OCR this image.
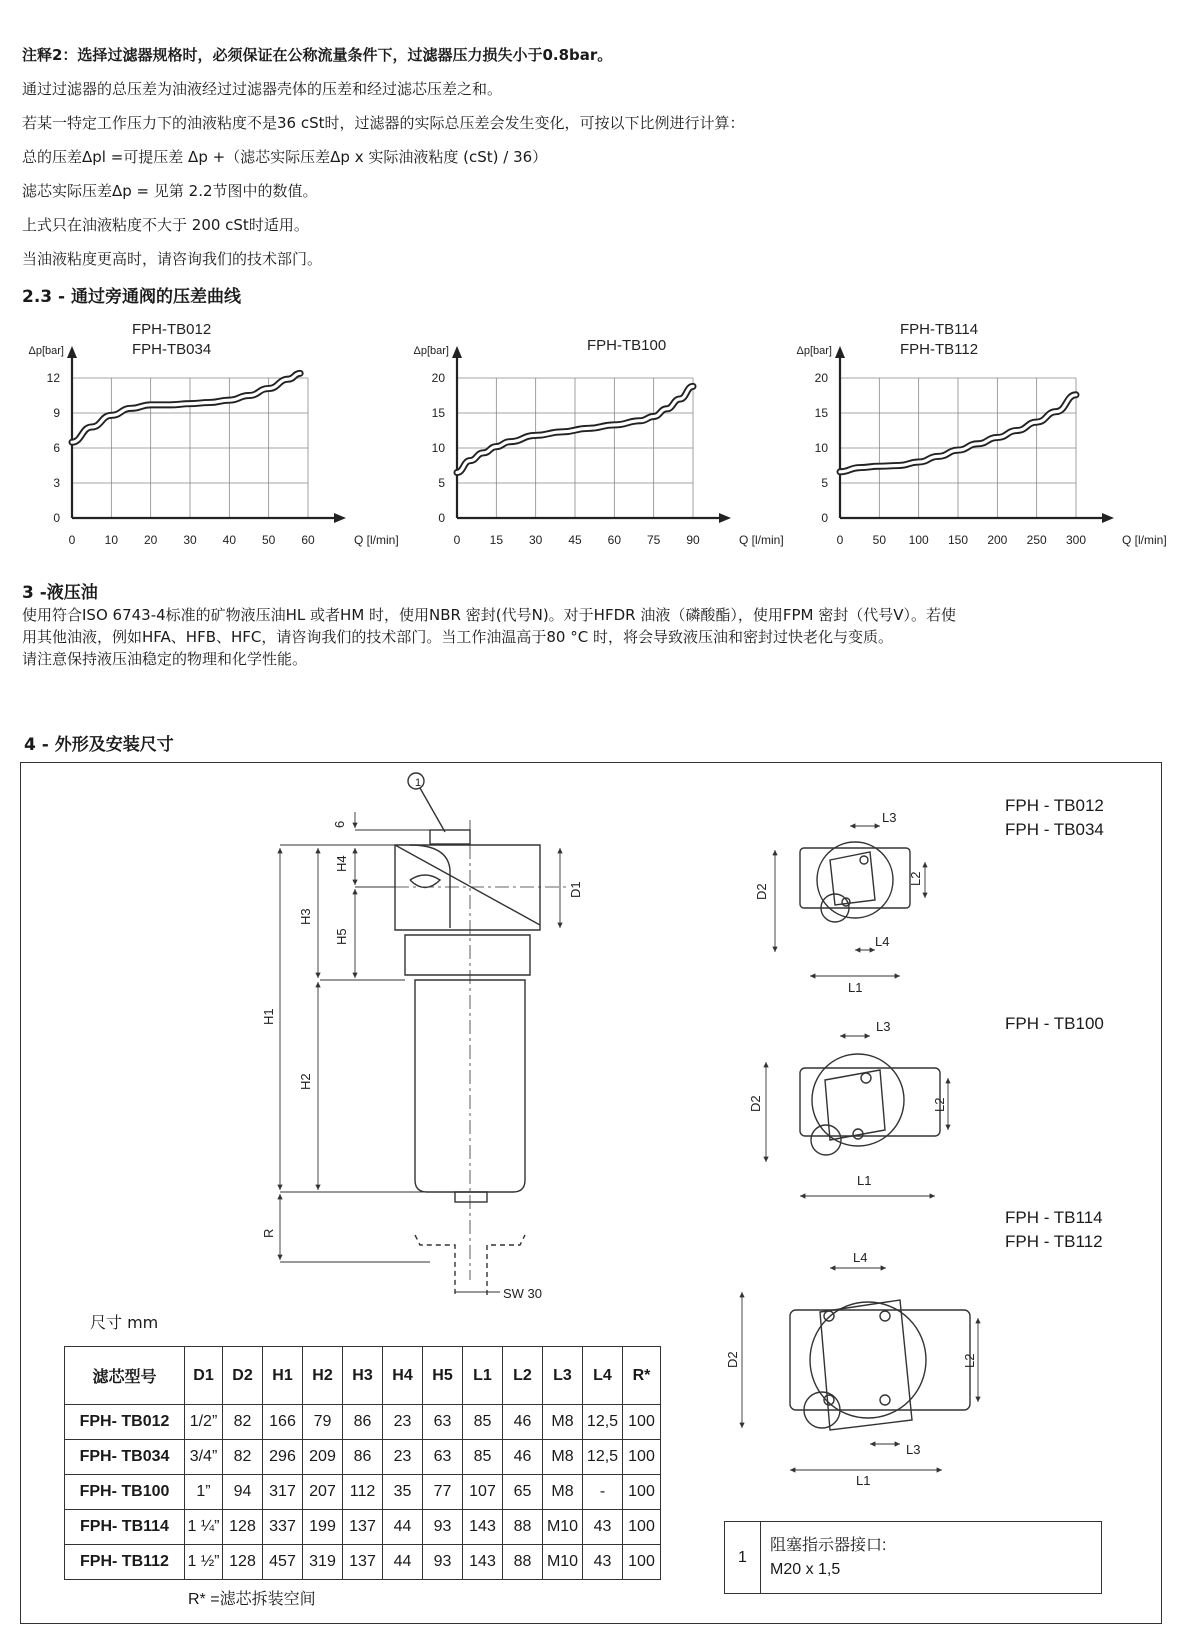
注释2：选择过滤器规格时，必须保证在公称流量条件下，过滤器压力损失小于0.8bar。
通过过滤器的总压差为油液经过过滤器壳体的压差和经过滤芯压差之和。
若某一特定工作压力下的油液粘度不是36 cSt时，过滤器的实际总压差会发生变化，可按以下比例进行计算：
总的压差Δpl =可提压差 Δp +（滤芯实际压差Δp x 实际油液粘度 (cSt) / 36）
滤芯实际压差Δp = 见第 2.2节图中的数值。
上式只在油液粘度不大于 200 cSt时适用。
当油液粘度更高时，请咨询我们的技术部门。
2.3 - 通过旁通阀的压差曲线
0 10 20 30 40 50 60
0
3
6
9
12
Δp[bar]
Q [l/min]
FPH-TB012
FPH-TB034
0 15 30 45 60 75 90
0
5
10
15
20
Δp[bar]
Q [l/min]
FPH-TB100
0 50 100 150 200 250 300
0
5
10
15
20
Δp[bar]
Q [l/min]
FPH-TB114
FPH-TB112
3 -液压油
使用符合ISO 6743-4标准的矿物液压油HL 或者HM 时，使用NBR 密封(代号N)。对于HFDR 油液（磷酸酯），使用FPM 密封（代号V）。若使
用其他油液，例如HFA、HFB、HFC，请咨询我们的技术部门。当工作油温高于80 °C 时，将会导致液压油和密封过快老化与变质。
请注意保持液压油稳定的物理和化学性能。
4 - 外形及安装尺寸
1
6
H4
H3
H5
H1
H2
R
D1
SW 30
D2
L2
L1
L4
L3
D2	L2
L1
L3
D2	L2
L1
L4
L3
FPH - TB012
FPH - TB034
FPH - TB100
FPH - TB114
FPH - TB112
尺寸 mm
滤芯型号	D1	D2	H1	H2	H3	H4	H5	L1	L2	L3	L4	R*
FPH- TB012	1/2”	82	166	79	86	23	63	85	46	M8	12,5	100
FPH- TB034	3/4”	82	296	209	86	23	63	85	46	M8	12,5	100
FPH- TB100	1”	94	317	207	112	35	77	107	65	M8	-	100
FPH- TB114	1 ¼”	128	337	199	137	44	93	143	88	M10	43	100
FPH- TB112	1 ½”	128	457	319	137	44	93	143	88	M10	43	100
R* =滤芯拆装空间
1
阻塞指示器接口:
M20 x 1,5
